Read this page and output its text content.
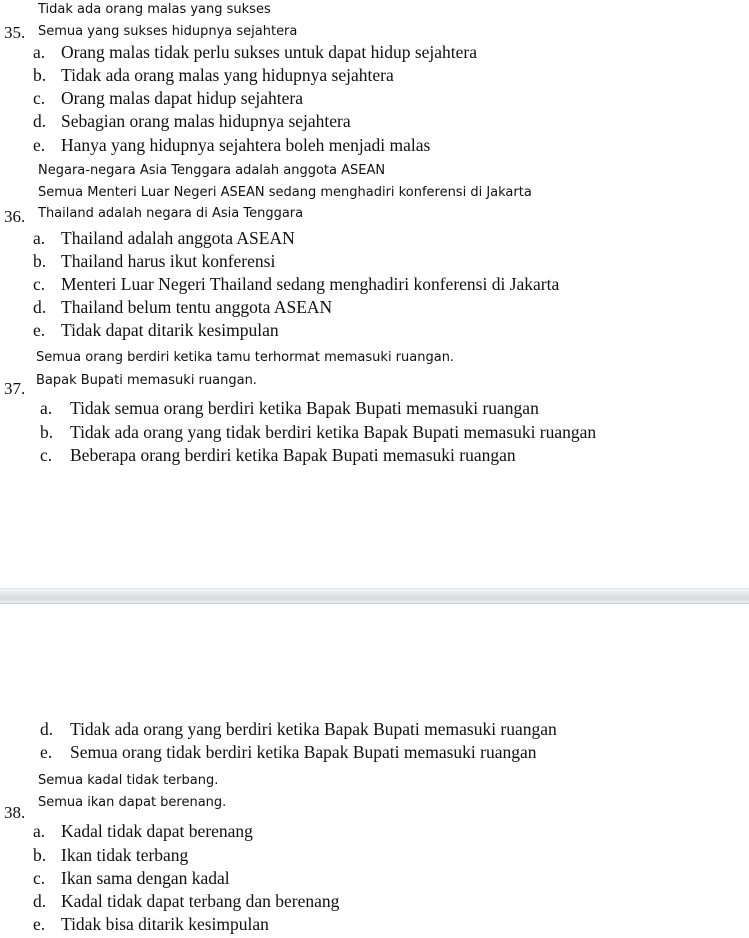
Tidak ada orang malas yang sukses
35. Semua yang sukses hidupnya sejahtera
a. Orang malas tidak perlu sukses untuk dapat hidup sejahtera
b. Tidak ada orang malas yang hidupnya sejahtera
c. Orang malas dapat hidup sejahtera
d. Sebagian orang malas hidupnya sejahtera
e. Hanya yang hidupnya sejahtera boleh menjadi malas
Negara-negara Asia Tenggara adalah anggota ASEAN
Semua Menteri Luar Negeri ASEAN sedang menghadiri konferensi di Jakarta
36. Thailand adalah negara di Asia Tenggara
a. Thailand adalah anggota ASEAN
b. Thailand harus ikut konferensi
c. Menteri Luar Negeri Thailand sedang menghadiri konferensi di Jakarta
d. Thailand belum tentu anggota ASEAN
e. Tidak dapat ditarik kesimpulan
Semua orang berdiri ketika tamu terhormat memasuki ruangan.
Bapak Bupati memasuki ruangan.
37.
a. Tidak semua orang berdiri ketika Bapak Bupati memasuki ruangan
b. Tidak ada orang yang tidak berdiri ketika Bapak Bupati memasuki ruangan
c. Beberapa orang berdiri ketika Bapak Bupati memasuki ruangan
d. Tidak ada orang yang berdiri ketika Bapak Bupati memasuki ruangan
e. Semua orang tidak berdiri ketika Bapak Bupati memasuki ruangan
Semua kadal tidak terbang.
Semua ikan dapat berenang.
38.
a. Kadal tidak dapat berenang
b. Ikan tidak terbang
c. Ikan sama dengan kadal
d. Kadal tidak dapat terbang dan berenang
e. Tidak bisa ditarik kesimpulan
